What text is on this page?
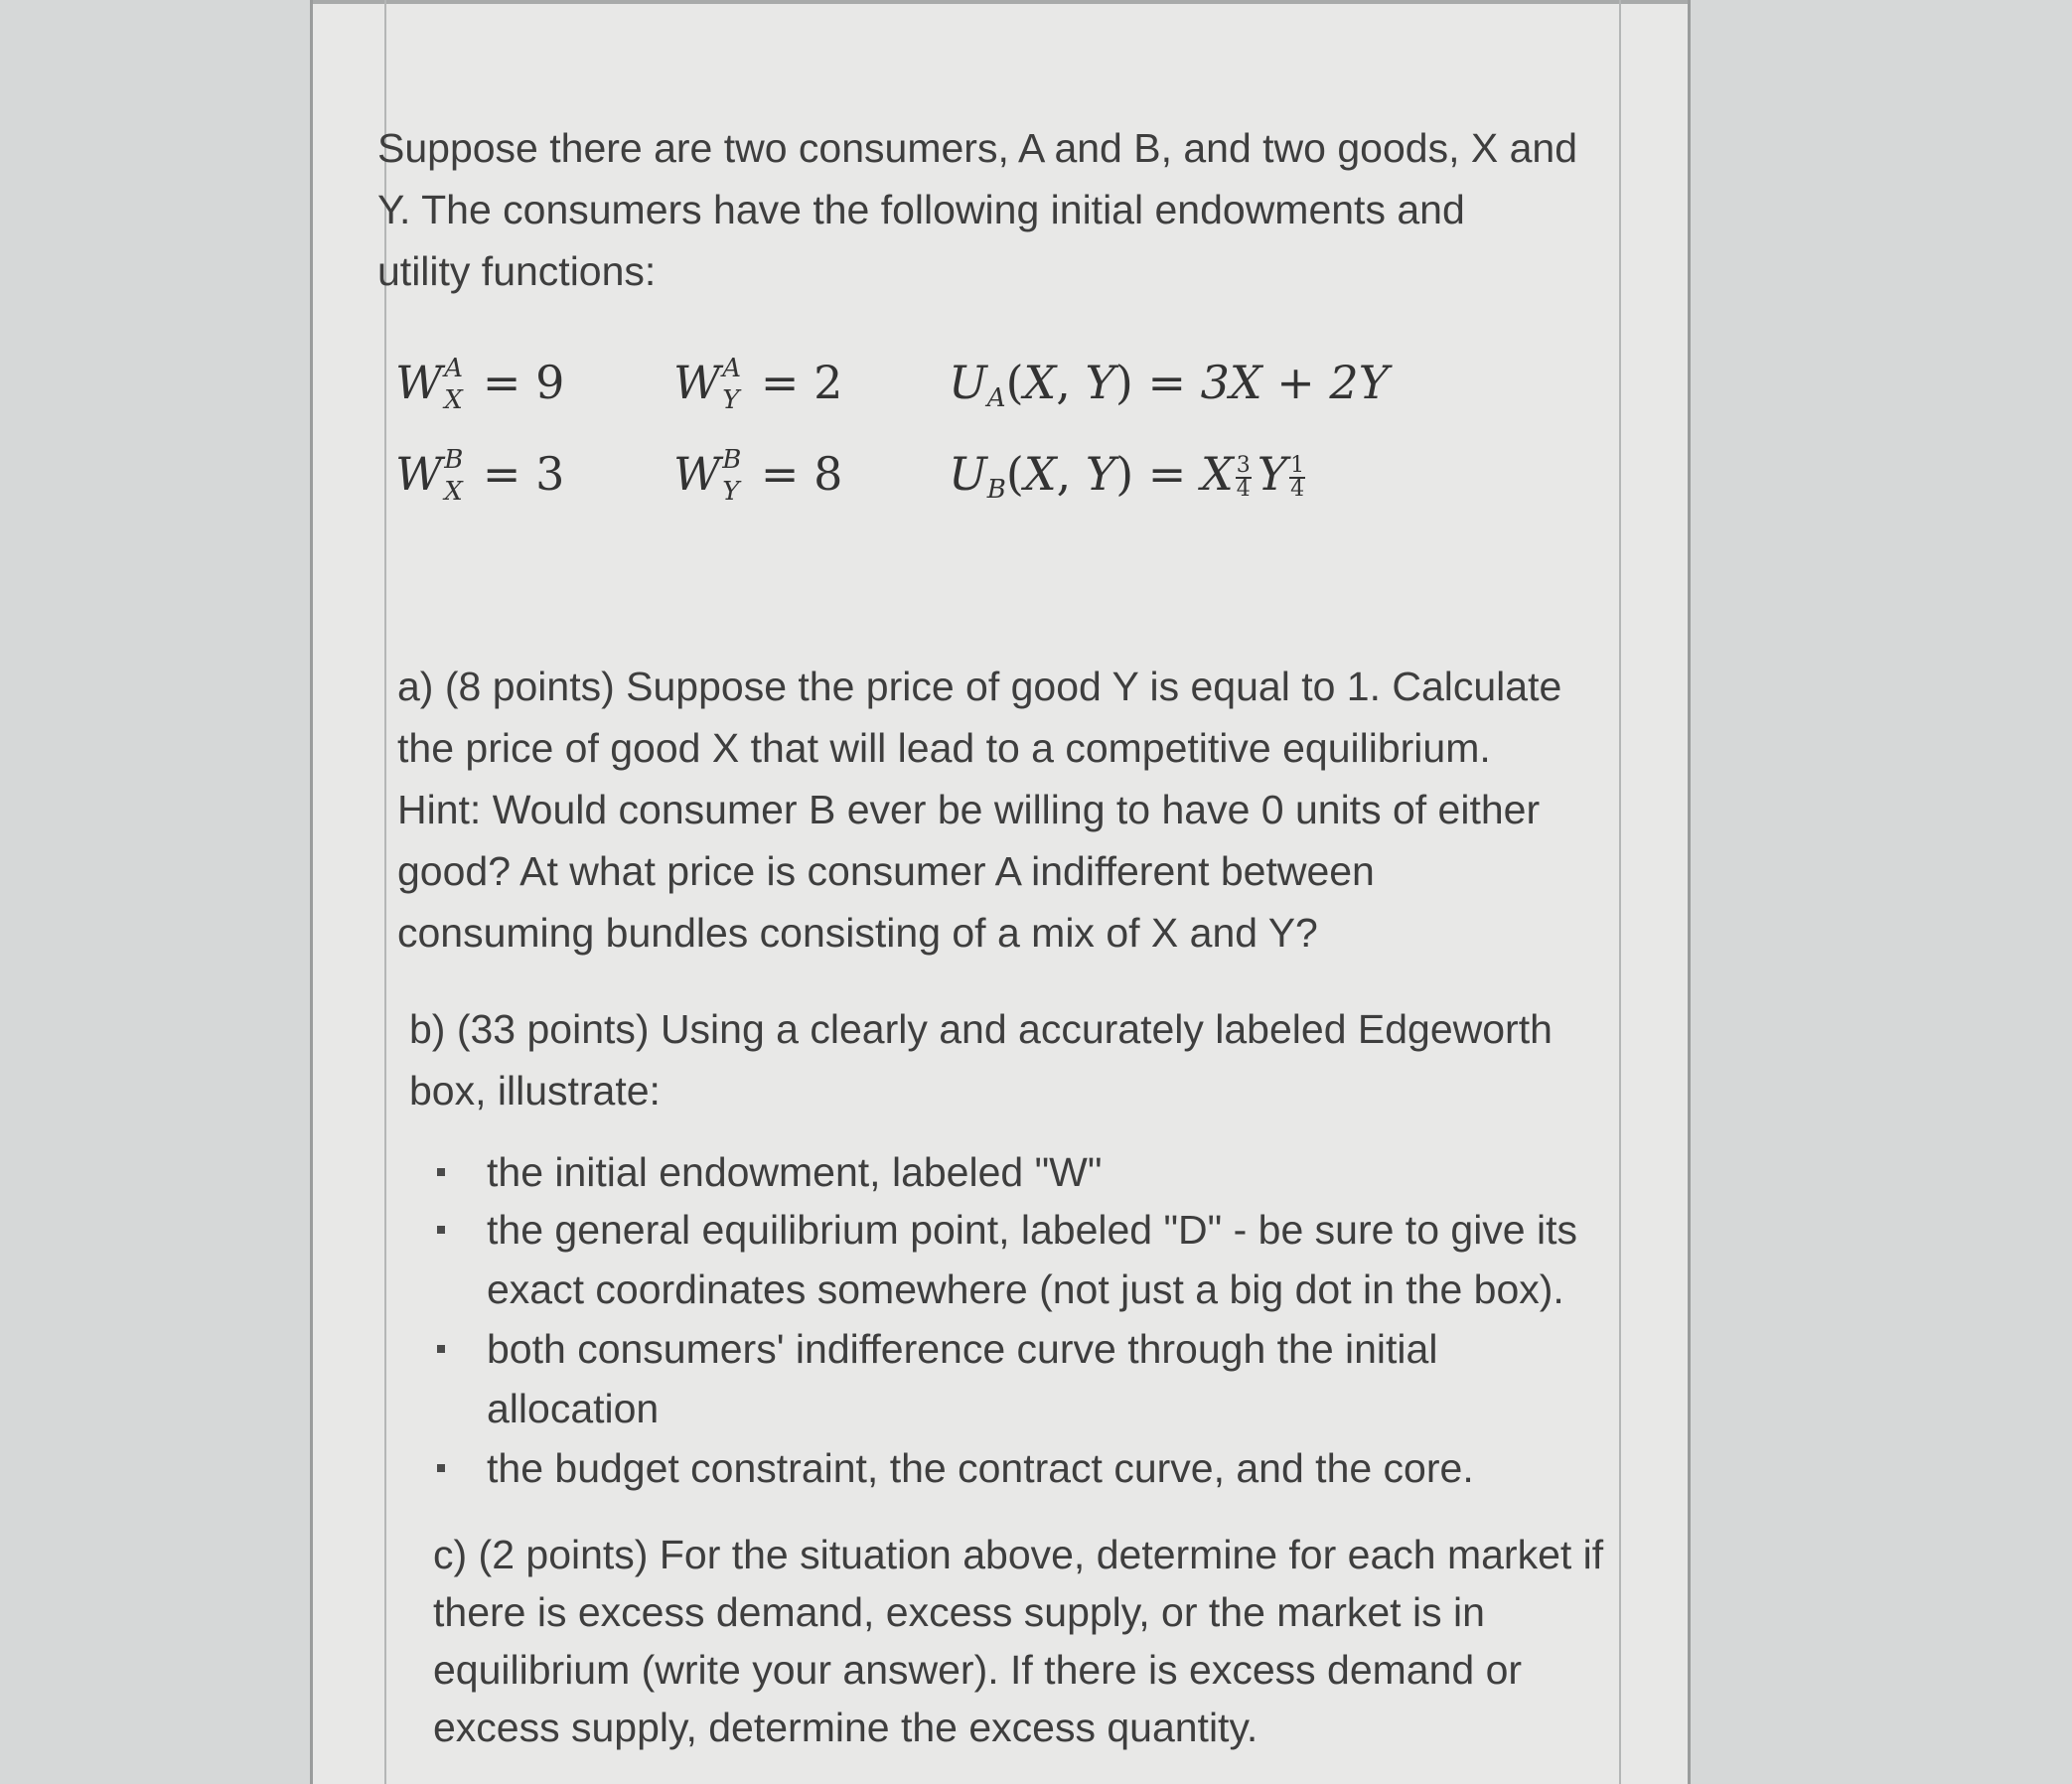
Suppose there are two consumers, A and B, and two goods, X and

Y. The consumers have the following initial endowments and

utility functions:

W A
X = 9 W A
Y = 2 UA(X, Y) = 3X + 2Y
W B
X = 3 W B
Y = 8 UB(X, Y) = X $\frac{3}{4}$ Y $\frac{1}{4}$

a) (8 points) Suppose the price of good Y is equal to 1. Calculate

the price of good X that will lead to a competitive equilibrium.

Hint: Would consumer B ever be willing to have 0 units of either

good? At what price is consumer A indifferent between

consuming bundles consisting of a mix of X and Y?

b) (33 points) Using a clearly and accurately labeled Edgeworth

box, illustrate:

the initial endowment, labeled "W"
the general equilibrium point, labeled "D" - be sure to give its
exact coordinates somewhere (not just a big dot in the box).
both consumers' indifference curve through the initial
allocation
the budget constraint, the contract curve, and the core.

c) (2 points) For the situation above, determine for each market if

there is excess demand, excess supply, or the market is in

equilibrium (write your answer). If there is excess demand or

excess supply, determine the excess quantity.
